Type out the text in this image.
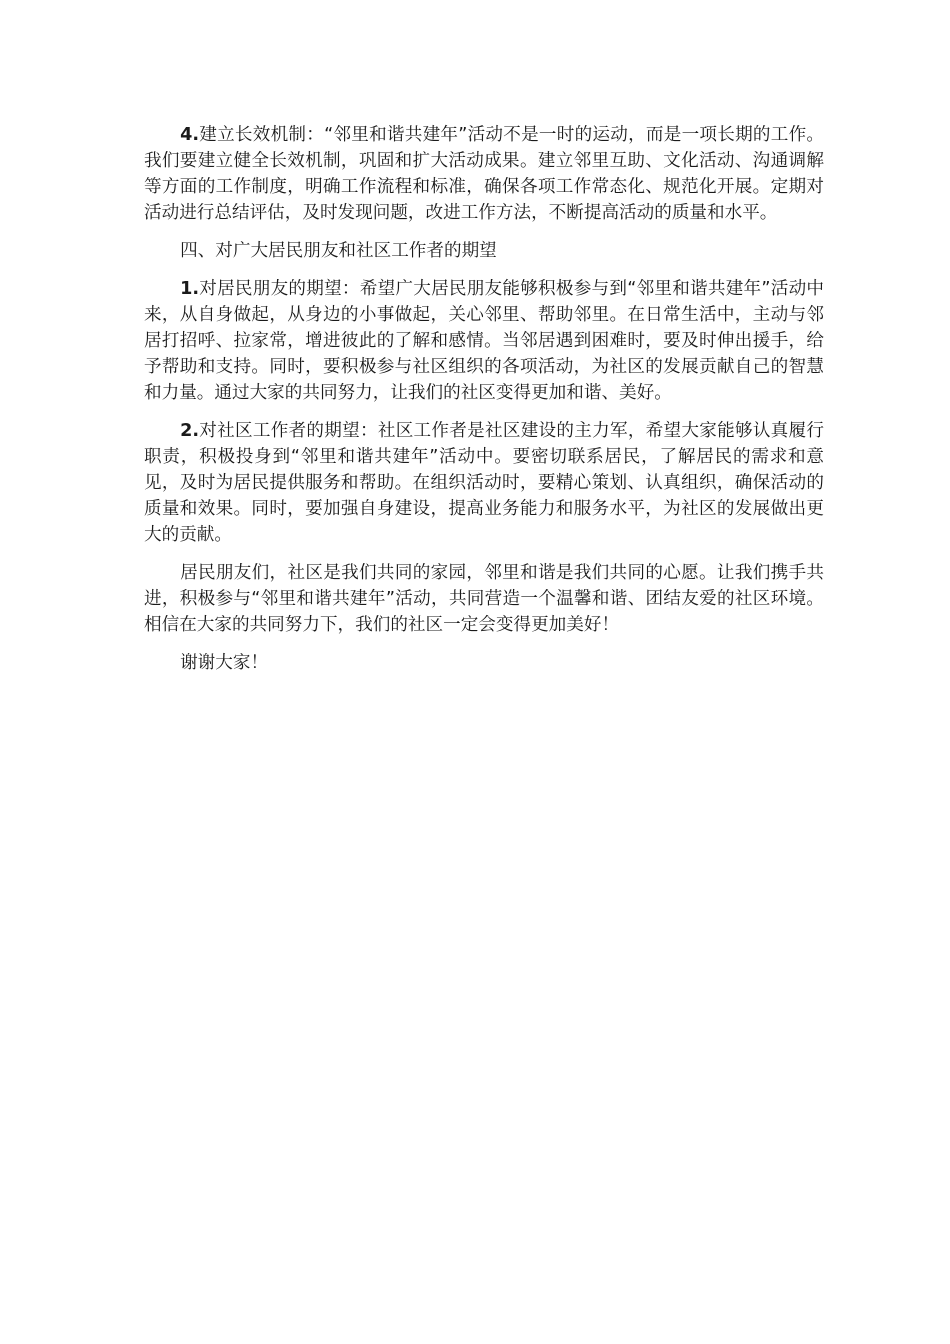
4.建立长效机制：“邻里和谐共建年”活动不是一时的运动，而是一项长期的工作。我们要建立健全长效机制，巩固和扩大活动成果。建立邻里互助、文化活动、沟通调解等方面的工作制度，明确工作流程和标准，确保各项工作常态化、规范化开展。定期对活动进行总结评估，及时发现问题，改进工作方法，不断提高活动的质量和水平。

四、对广大居民朋友和社区工作者的期望

1.对居民朋友的期望：希望广大居民朋友能够积极参与到“邻里和谐共建年”活动中来，从自身做起，从身边的小事做起，关心邻里、帮助邻里。在日常生活中，主动与邻居打招呼、拉家常，增进彼此的了解和感情。当邻居遇到困难时，要及时伸出援手，给予帮助和支持。同时，要积极参与社区组织的各项活动，为社区的发展贡献自己的智慧和力量。通过大家的共同努力，让我们的社区变得更加和谐、美好。

2.对社区工作者的期望：社区工作者是社区建设的主力军，希望大家能够认真履行职责，积极投身到“邻里和谐共建年”活动中。要密切联系居民，了解居民的需求和意见，及时为居民提供服务和帮助。在组织活动时，要精心策划、认真组织，确保活动的质量和效果。同时，要加强自身建设，提高业务能力和服务水平，为社区的发展做出更大的贡献。

居民朋友们，社区是我们共同的家园，邻里和谐是我们共同的心愿。让我们携手共进，积极参与“邻里和谐共建年”活动，共同营造一个温馨和谐、团结友爱的社区环境。相信在大家的共同努力下，我们的社区一定会变得更加美好！

谢谢大家！
